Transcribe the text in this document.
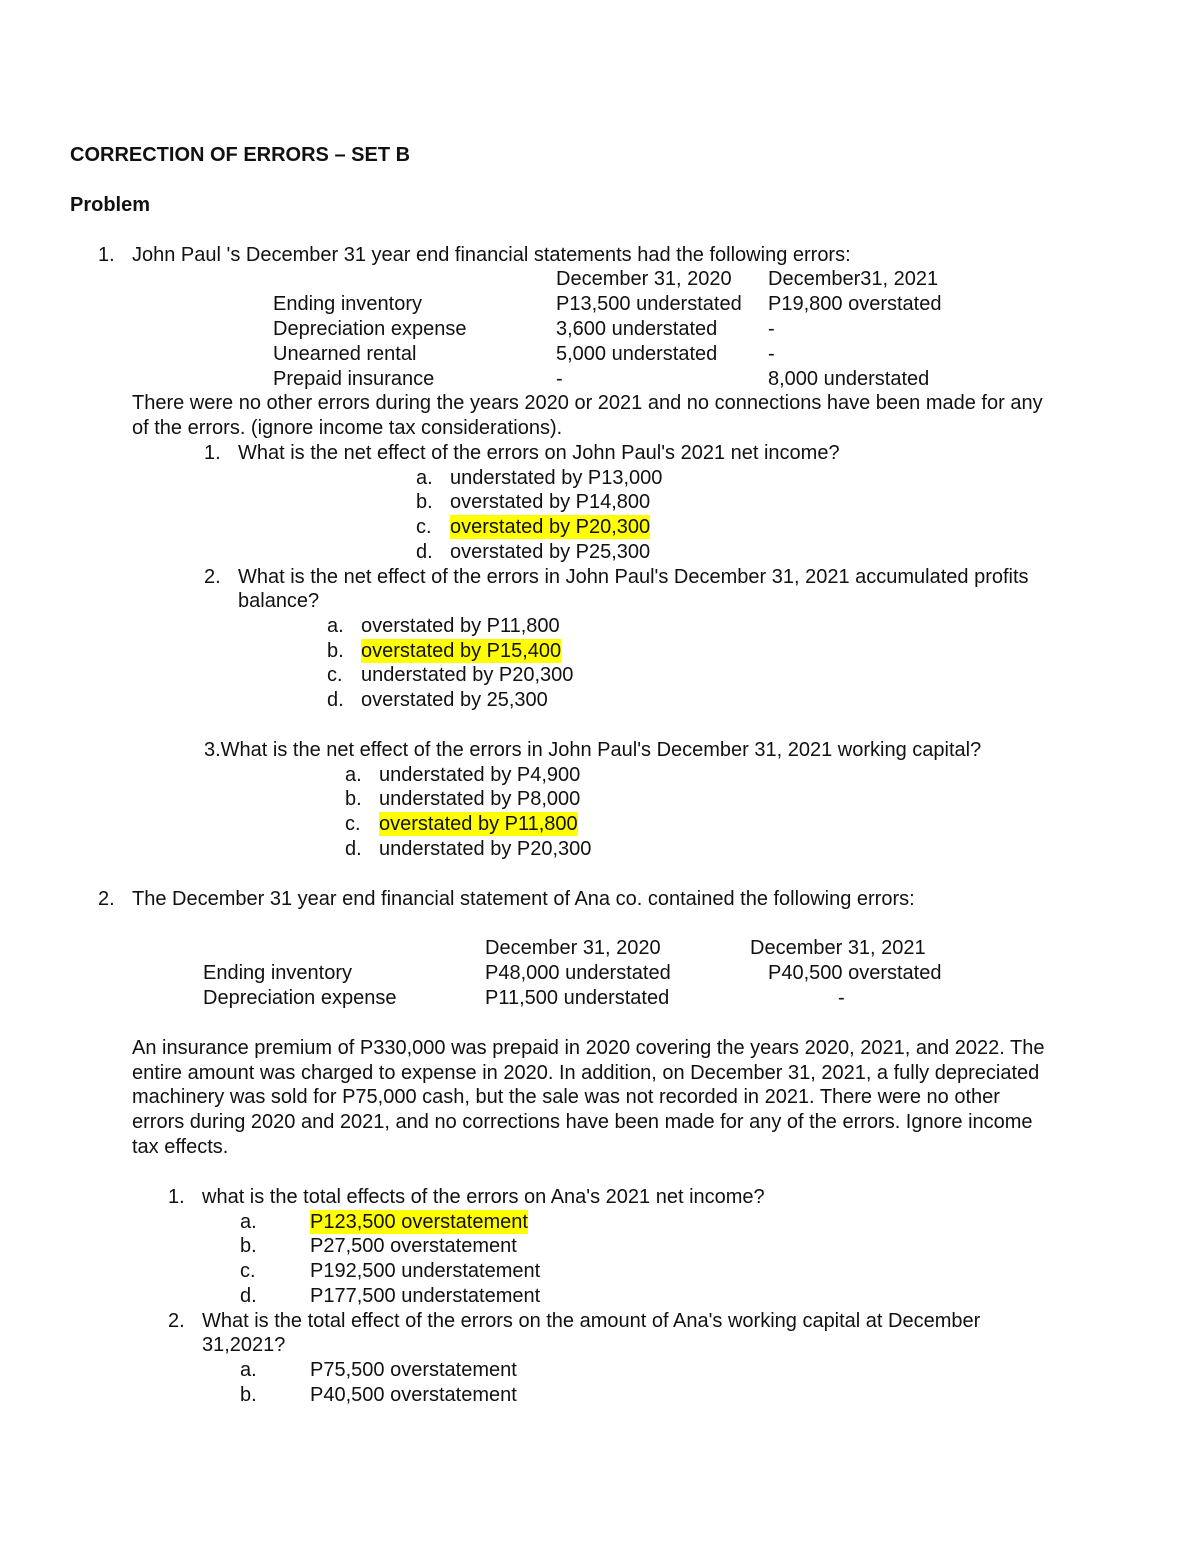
CORRECTION OF ERRORS – SET B
Problem
1. John Paul 's December 31 year end financial statements had the following errors:
December 31, 2020 December31, 2021
Ending inventory	P13,500 understated P19,800 overstated
Depreciation expense	3,600 understated	-
Unearned rental	5,000 understated	-
Prepaid insurance	-	8,000 understated
There were no other errors during the years 2020 or 2021 and no connections have been made for any
of the errors. (ignore income tax considerations).
1. What is the net effect of the errors on John Paul's 2021 net income?
a. understated by P13,000
b. overstated by P14,800
c. overstated by P20,300
d. overstated by P25,300
2. What is the net effect of the errors in John Paul's December 31, 2021 accumulated profits
balance?
a. overstated by P11,800
b. overstated by P15,400
c. understated by P20,300
d. overstated by 25,300
3.What is the net effect of the errors in John Paul's December 31, 2021 working capital?
a. understated by P4,900
b. understated by P8,000
c. overstated by P11,800
d. understated by P20,300
2. The December 31 year end financial statement of Ana co. contained the following errors:
December 31, 2020	December 31, 2021
Ending inventory	P48,000 understated	P40,500 overstated
Depreciation expense	P11,500 understated	-
An insurance premium of P330,000 was prepaid in 2020 covering the years 2020, 2021, and 2022. The
entire amount was charged to expense in 2020. In addition, on December 31, 2021, a fully depreciated
machinery was sold for P75,000 cash, but the sale was not recorded in 2021. There were no other
errors during 2020 and 2021, and no corrections have been made for any of the errors. Ignore income
tax effects.
1. what is the total effects of the errors on Ana's 2021 net income?
a.	P123,500 overstatement
b.	P27,500 overstatement
c.	P192,500 understatement
d.	P177,500 understatement
2. What is the total effect of the errors on the amount of Ana's working capital at December
31,2021?
a.	P75,500 overstatement
b.	P40,500 overstatement
